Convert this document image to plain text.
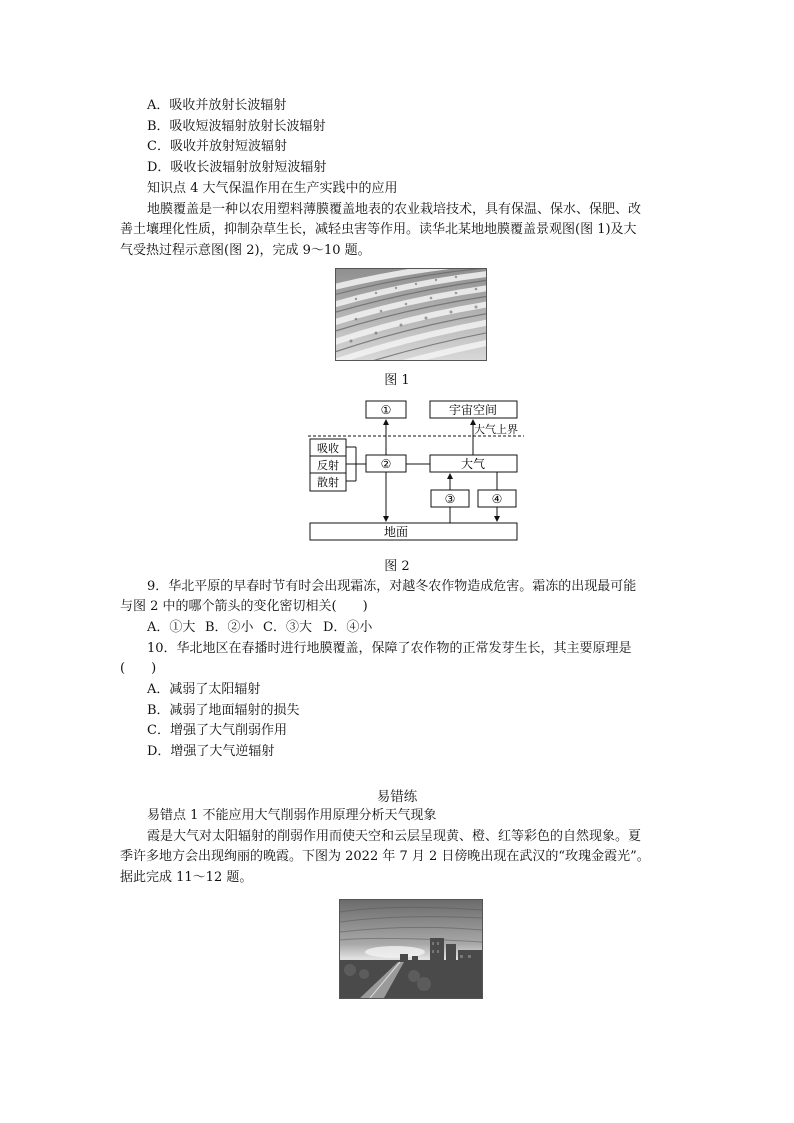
A．吸收并放射长波辐射
B．吸收短波辐射放射长波辐射
C．吸收并放射短波辐射
D．吸收长波辐射放射短波辐射
知识点 4 大气保温作用在生产实践中的应用
地膜覆盖是一种以农用塑料薄膜覆盖地表的农业栽培技术，具有保温、保水、保肥、改
善土壤理化性质，抑制杂草生长，减轻虫害等作用。读华北某地地膜覆盖景观图(图 1)及大
气受热过程示意图(图 2)，完成 9～10 题。
图 1
①	宇宙空间
大气上界
吸收
反射
散射
②	大气
③	④
地面
图 2
9．华北平原的早春时节有时会出现霜冻，对越冬农作物造成危害。霜冻的出现最可能
与图 2 中的哪个箭头的变化密切相关(　　)
A．①大 B．②小 C．③大 D．④小
10．华北地区在春播时进行地膜覆盖，保障了农作物的正常发芽生长，其主要原理是
(　　)
A．减弱了太阳辐射
B．减弱了地面辐射的损失
C．增强了大气削弱作用
D．增强了大气逆辐射
易错练
易错点 1 不能应用大气削弱作用原理分析天气现象
霞是大气对太阳辐射的削弱作用而使天空和云层呈现黄、橙、红等彩色的自然现象。夏
季许多地方会出现绚丽的晚霞。下图为 2022 年 7 月 2 日傍晚出现在武汉的“玫瑰金霞光”。
据此完成 11～12 题。
